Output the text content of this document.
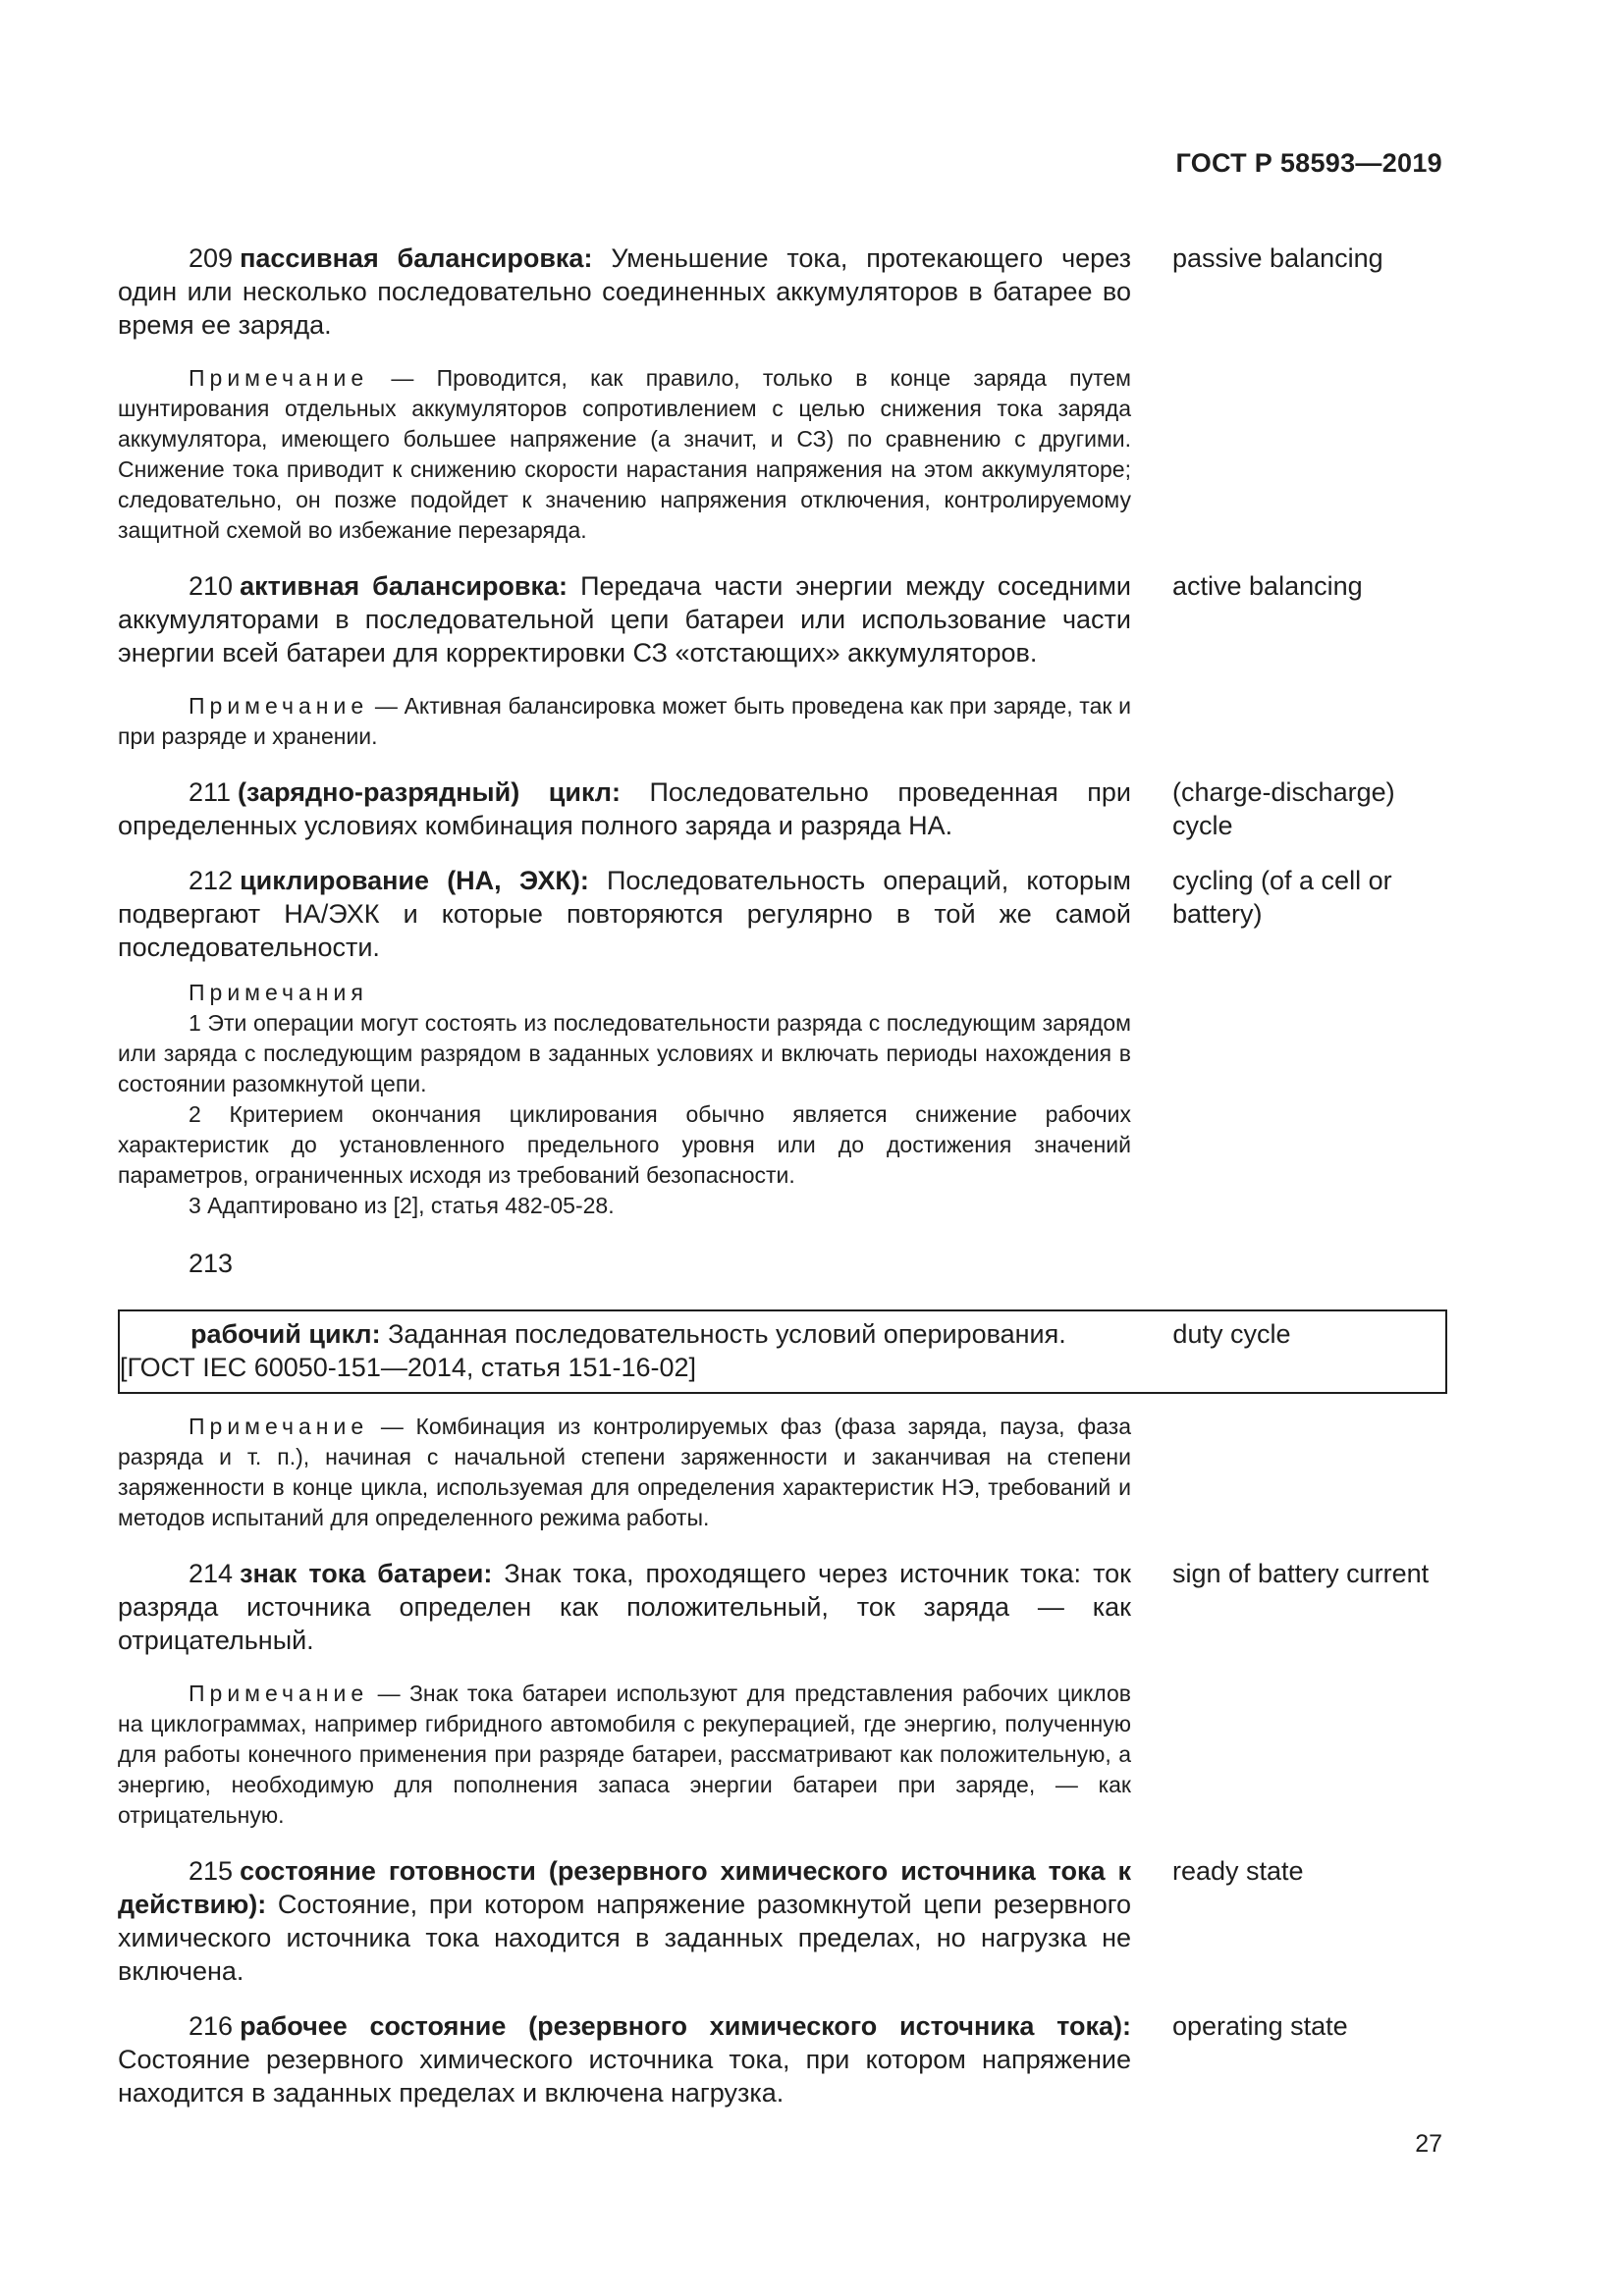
ГОСТ Р 58593—2019
209 пассивная балансировка: Уменьшение тока, протекающего через один или несколько последовательно соединенных аккумуляторов в батарее во время ее заряда.
passive balancing

Примечание — Проводится, как правило, только в конце заряда путем шунтирования отдельных аккумуляторов сопротивлением с целью снижения тока заряда аккумулятора, имеющего большее напряжение (а значит, и СЗ) по сравнению с другими. Снижение тока приводит к снижению скорости нарастания напряжения на этом аккумуляторе; следовательно, он позже подойдет к значению напряжения отключения, контролируемому защитной схемой во избежание перезаряда.

210 активная балансировка: Передача части энергии между соседними аккумуляторами в последовательной цепи батареи или использование части энергии всей батареи для корректировки СЗ «отстающих» аккумуляторов.
active balancing

Примечание — Активная балансировка может быть проведена как при заряде, так и при разряде и хранении.

211 (зарядно-разрядный) цикл: Последовательно проведенная при определенных условиях комбинация полного заряда и разряда НА.
(charge-discharge) cycle
212 циклирование (НА, ЭХК): Последовательность операций, которым подвергают НА/ЭХК и которые повторяются регулярно в той же самой последовательности.
cycling (of a cell or battery)
Примечания

1 Эти операции могут состоять из последовательности разряда с последующим зарядом или заряда с последующим разрядом в заданных условиях и включать периоды нахождения в состоянии разомкнутой цепи.

2 Критерием окончания циклирования обычно является снижение рабочих характеристик до установленного предельного уровня или до достижения значений параметров, ограниченных исходя из требований безопасности.

3 Адаптировано из [2], статья 482-05-28.

213
рабочий цикл: Заданная последовательность условий оперирования.
[ГОСТ IEC 60050-151—2014, статья 151-16-02]
duty cycle

Примечание — Комбинация из контролируемых фаз (фаза заряда, пауза, фаза разряда и т. п.), начиная с начальной степени заряженности и заканчивая на степени заряженности в конце цикла, используемая для определения характеристик НЭ, требований и методов испытаний для определенного режима работы.

214 знак тока батареи: Знак тока, проходящего через источник тока: ток разряда источника определен как положительный, ток заряда — как отрицательный.
sign of battery current

Примечание — Знак тока батареи используют для представления рабочих циклов на циклограммах, например гибридного автомобиля с рекуперацией, где энергию, полученную для работы конечного применения при разряде батареи, рассматривают как положительную, а энергию, необходимую для пополнения запаса энергии батареи при заряде, — как отрицательную.

215 состояние готовности (резервного химического источника тока к действию): Состояние, при котором напряжение разомкнутой цепи резервного химического источника тока находится в заданных пределах, но нагрузка не включена.
ready state
216 рабочее состояние (резервного химического источника тока): Состояние резервного химического источника тока, при котором напряжение находится в заданных пределах и включена нагрузка.
operating state
27
